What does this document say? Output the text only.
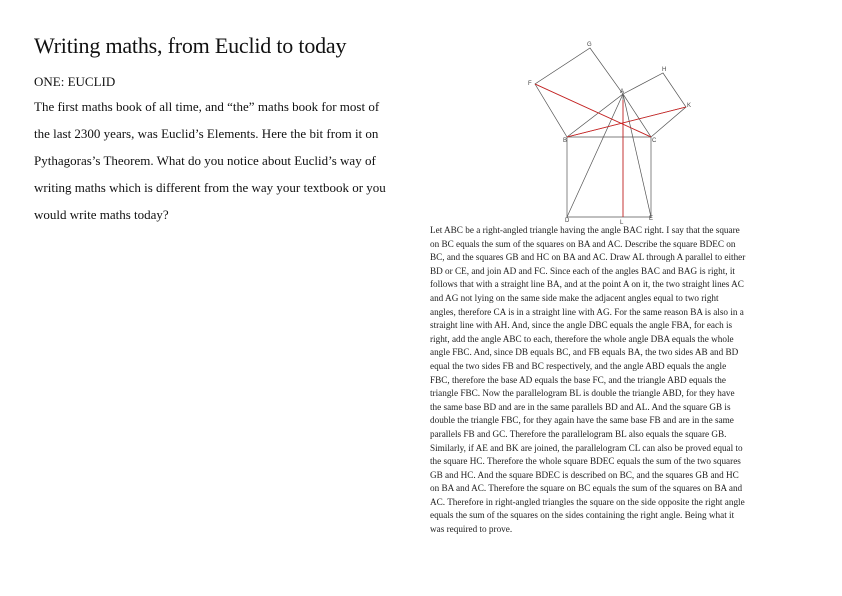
Writing maths, from Euclid to today
ONE: EUCLID
The first maths book of all time, and “the” maths book for most of
the last 2300 years, was Euclid’s Elements. Here the bit from it on
Pythagoras’s Theorem. What do you notice about Euclid’s way of
writing maths which is different from the way your textbook or you
would write maths today?
G
H
F
A
K
B	C
D	L
E
Let ABC be a right-angled triangle having the angle BAC right. I say that the square
on BC equals the sum of the squares on BA and AC. Describe the square BDEC on
BC, and the squares GB and HC on BA and AC. Draw AL through A parallel to either
BD or CE, and join AD and FC. Since each of the angles BAC and BAG is right, it
follows that with a straight line BA, and at the point A on it, the two straight lines AC
and AG not lying on the same side make the adjacent angles equal to two right
angles, therefore CA is in a straight line with AG. For the same reason BA is also in a
straight line with AH. And, since the angle DBC equals the angle FBA, for each is
right, add the angle ABC to each, therefore the whole angle DBA equals the whole
angle FBC. And, since DB equals BC, and FB equals BA, the two sides AB and BD
equal the two sides FB and BC respectively, and the angle ABD equals the angle
FBC, therefore the base AD equals the base FC, and the triangle ABD equals the
triangle FBC. Now the parallelogram BL is double the triangle ABD, for they have
the same base BD and are in the same parallels BD and AL. And the square GB is
double the triangle FBC, for they again have the same base FB and are in the same
parallels FB and GC. Therefore the parallelogram BL also equals the square GB.
Similarly, if AE and BK are joined, the parallelogram CL can also be proved equal to
the square HC. Therefore the whole square BDEC equals the sum of the two squares
GB and HC. And the square BDEC is described on BC, and the squares GB and HC
on BA and AC. Therefore the square on BC equals the sum of the squares on BA and
AC. Therefore in right-angled triangles the square on the side opposite the right angle
equals the sum of the squares on the sides containing the right angle. Being what it
was required to prove.
